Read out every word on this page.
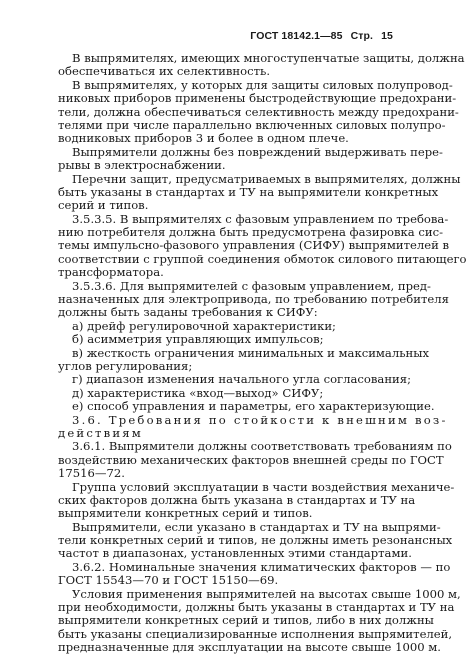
ГОСТ 18142.1—85 Стр. 15
В выпрямителях, имеющих многоступенчатые защиты, должна
обеспечиваться их селективность.
В выпрямителях, у которых для защиты силовых полупровод-
никовых приборов применены быстродействующие предохрани-
тели, должна обеспечиваться селективность между предохрани-
телями при числе параллельно включенных силовых полупро-
водниковых приборов 3 и более в одном плече.
Выпрямители должны без повреждений выдерживать пере-
рывы в электроснабжении.
Перечни защит, предусматриваемых в выпрямителях, должны
быть указаны в стандартах и ТУ на выпрямители конкретных
серий и типов.
3.5.3.5. В выпрямителях с фазовым управлением по требова-
нию потребителя должна быть предусмотрена фазировка сис-
темы импульсно-фазового управления (СИФУ) выпрямителей в
соответствии с группой соединения обмоток силового питающего
трансформатора.
3.5.3.6. Для выпрямителей с фазовым управлением, пред-
назначенных для электропривода, по требованию потребителя
должны быть заданы требования к СИФУ:
а) дрейф регулировочной характеристики;
б) асимметрия управляющих импульсов;
в) жесткость ограничения минимальных и максимальных
углов регулирования;
г) диапазон изменения начального угла согласования;
д) характеристика «вход—выход» СИФУ;
е) способ управления и параметры, его характеризующие.
3.6. Требования по стойкости к внешним воз-
действиям
3.6.1. Выпрямители должны соответствовать требованиям по
воздействию механических факторов внешней среды по ГОСТ
17516—72.
Группа условий эксплуатации в части воздействия механиче-
ских факторов должна быть указана в стандартах и ТУ на
выпрямители конкретных серий и типов.
Выпрямители, если указано в стандартах и ТУ на выпрями-
тели конкретных серий и типов, не должны иметь резонансных
частот в диапазонах, установленных этими стандартами.
3.6.2. Номинальные значения климатических факторов — по
ГОСТ 15543—70 и ГОСТ 15150—69.
Условия применения выпрямителей на высотах свыше 1000 м,
при необходимости, должны быть указаны в стандартах и ТУ на
выпрямители конкретных серий и типов, либо в них должны
быть указаны специализированные исполнения выпрямителей,
предназначенные для эксплуатации на высоте свыше 1000 м.
